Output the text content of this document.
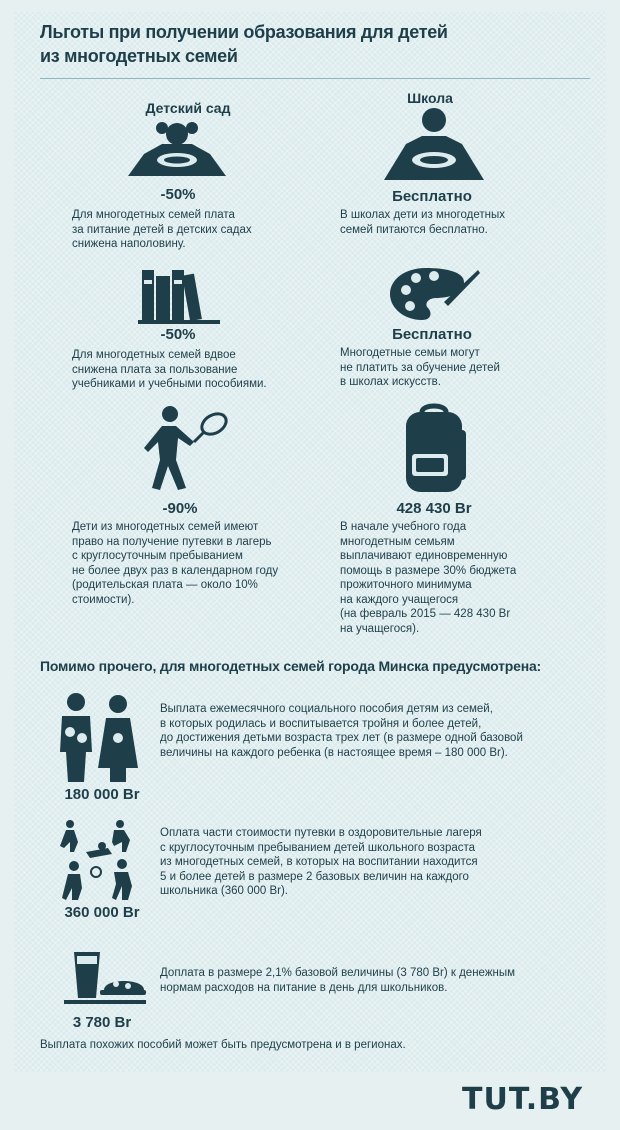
Льготы при получении образования для детей
из многодетных семей
Детский сад
-50%
Для многодетных семей плата
за питание детей в детских садах
снижена наполовину.
Школа
Бесплатно
В школах дети из многодетных
семей питаются бесплатно.
-50%
Для многодетных семей вдвое
снижена плата за пользование
учебниками и учебными пособиями.
Бесплатно
Многодетные семьи могут
не платить за обучение детей
в школах искусств.
-90%
Дети из многодетных семей имеют
право на получение путевки в лагерь
с круглосуточным пребыванием
не более двух раз в календарном году
(родительская плата — около 10%
стоимости).
428 430 Br
В начале учебного года
многодетным семьям
выплачивают единовременную
помощь в размере 30% бюджета
прожиточного минимума
на каждого учащегося
(на февраль 2015 — 428 430 Br
на учащегося).
Помимо прочего, для многодетных семей города Минска предусмотрена:
180 000 Br
Выплата ежемесячного социального пособия детям из семей,
в которых родилась и воспитывается тройня и более детей,
до достижения детьми возраста трех лет (в размере одной базовой
величины на каждого ребенка (в настоящее время – 180 000 Br).
360 000 Br
Оплата части стоимости путевки в оздоровительные лагеря
с круглосуточным пребыванием детей школьного возраста
из многодетных семей, в которых на воспитании находится
5 и более детей в размере 2 базовых величин на каждого
школьника (360 000 Br).
3 780 Br
Доплата в размере 2,1% базовой величины (3 780 Br) к денежным
нормам расходов на питание в день для школьников.
Выплата похожих пособий может быть предусмотрена и в регионах.
TUT.BY
